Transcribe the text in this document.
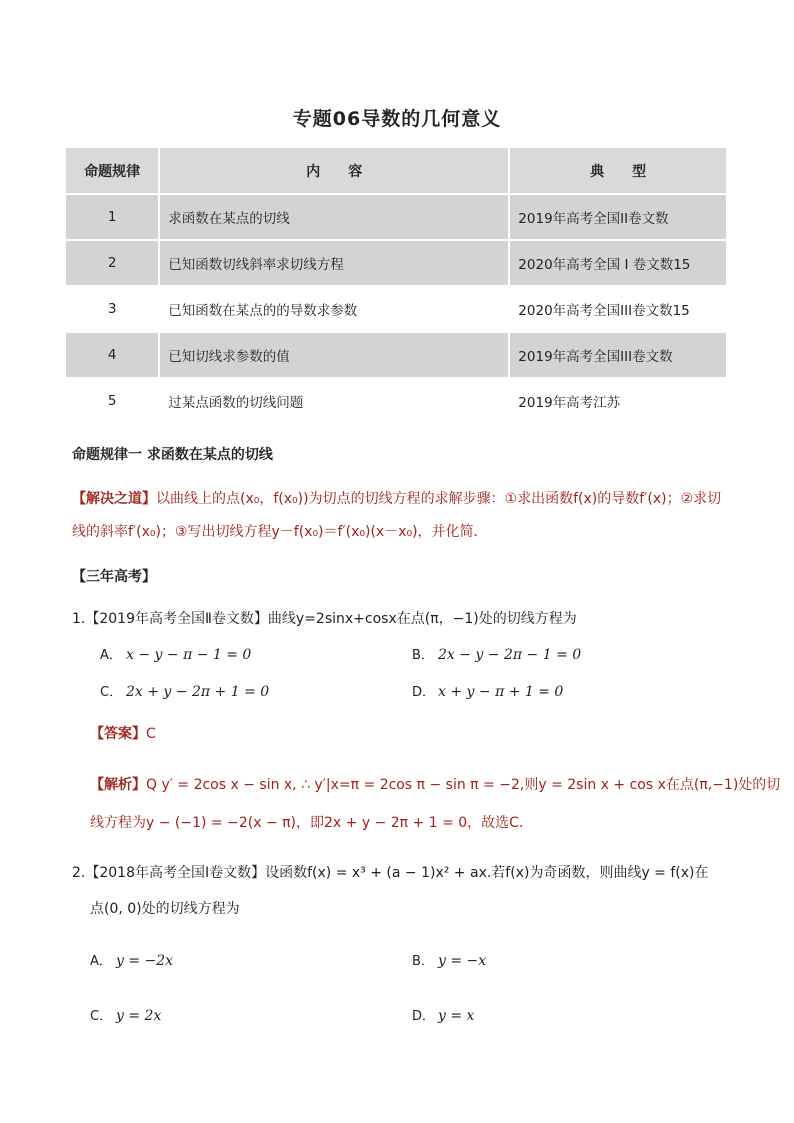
专题06导数的几何意义
命题规律	内　　容	典　　型
1	求函数在某点的切线	2019年高考全国II卷文数
2	已知函数切线斜率求切线方程	2020年高考全国 I 卷文数15
3	已知函数在某点的的导数求参数	2020年高考全国III卷文数15
4	已知切线求参数的值	2019年高考全国III卷文数
5	过某点函数的切线问题	2019年高考江苏
命题规律一 求函数在某点的切线
【解决之道】以曲线上的点(x₀，f(x₀))为切点的切线方程的求解步骤：①求出函数f(x)的导数f′(x)；②求切
线的斜率f′(x₀)；③写出切线方程y－f(x₀)＝f′(x₀)(x－x₀)，并化简．
【三年高考】
1.【2019年高考全国Ⅱ卷文数】曲线y=2sinx+cosx在点(π，−1)处的切线方程为
A． x − y − π − 1 = 0	B． 2x − y − 2π − 1 = 0
C． 2x + y − 2π + 1 = 0	D． x + y − π + 1 = 0
【答案】C
【解析】Q y′ = 2cos x − sin x, ∴ y′|x=π = 2cos π − sin π = −2,则y = 2sin x + cos x在点(π,−1)处的切
线方程为y − (−1) = −2(x − π)，即2x + y − 2π + 1 = 0，故选C．
2.【2018年高考全国Ⅰ卷文数】设函数f(x) = x³ + (a − 1)x² + ax.若f(x)为奇函数，则曲线y = f(x)在
点(0, 0)处的切线方程为
A． y = −2x	B． y = −x
C． y = 2x	D． y = x
